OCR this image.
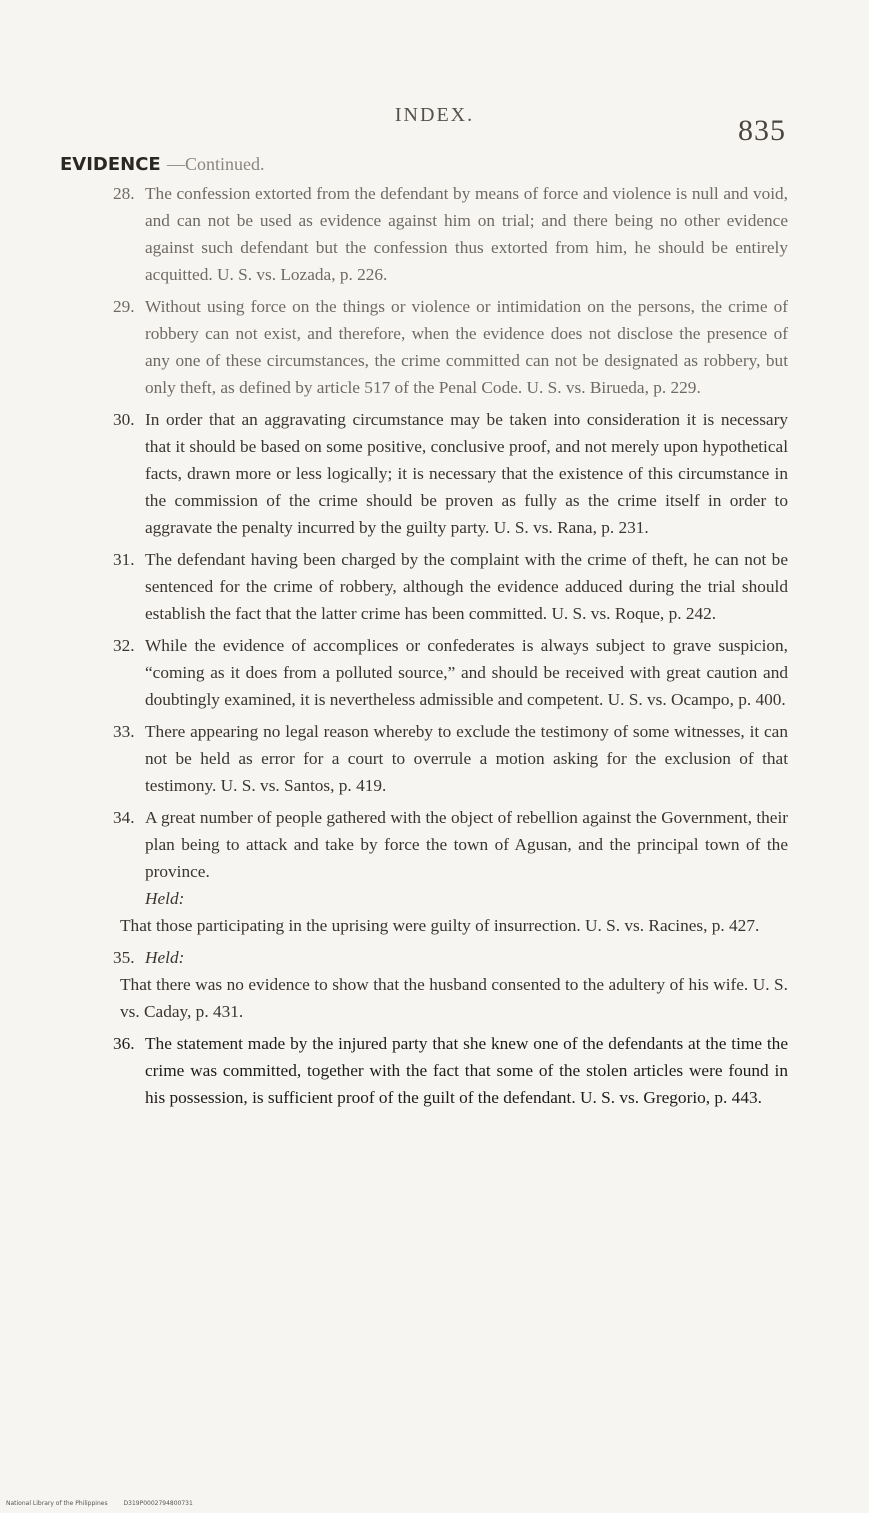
INDEX.	835
EVIDENCE —Continued.
28. The confession extorted from the defendant by means of force and violence is null and void, and can not be used as evidence against him on trial; and there being no other evidence against such defendant but the confession thus extorted from him, he should be entirely acquitted. U. S. vs. Lozada, p. 226.
29. Without using force on the things or violence or intimidation on the persons, the crime of robbery can not exist, and therefore, when the evidence does not disclose the presence of any one of these circumstances, the crime committed can not be designated as robbery, but only theft, as defined by article 517 of the Penal Code. U. S. vs. Birueda, p. 229.
30. In order that an aggravating circumstance may be taken into consideration it is necessary that it should be based on some positive, conclusive proof, and not merely upon hypothetical facts, drawn more or less logically; it is necessary that the existence of this circumstance in the commission of the crime should be proven as fully as the crime itself in order to aggravate the penalty incurred by the guilty party. U. S. vs. Rana, p. 231.
31. The defendant having been charged by the complaint with the crime of theft, he can not be sentenced for the crime of robbery, although the evidence adduced during the trial should establish the fact that the latter crime has been committed. U. S. vs. Roque, p. 242.
32. While the evidence of accomplices or confederates is always subject to grave suspicion, “coming as it does from a polluted source,” and should be received with great caution and doubtingly examined, it is nevertheless admissible and competent. U. S. vs. Ocampo, p. 400.
33. There appearing no legal reason whereby to exclude the testimony of some witnesses, it can not be held as error for a court to overrule a motion asking for the exclusion of that testimony. U. S. vs. Santos, p. 419.
34. A great number of people gathered with the object of rebellion against the Government, their plan being to attack and take by force the town of Agusan, and the principal town of the province.
Held:
That those participating in the uprising were guilty of insurrection. U. S. vs. Racines, p. 427.
35. Held:
That there was no evidence to show that the husband consented to the adultery of his wife. U. S. vs. Caday, p. 431.
36. The statement made by the injured party that she knew one of the defendants at the time the crime was committed, together with the fact that some of the stolen articles were found in his possession, is sufficient proof of the guilt of the defendant. U. S. vs. Gregorio, p. 443.
National Library of the Philippines	D319P0002794800731
